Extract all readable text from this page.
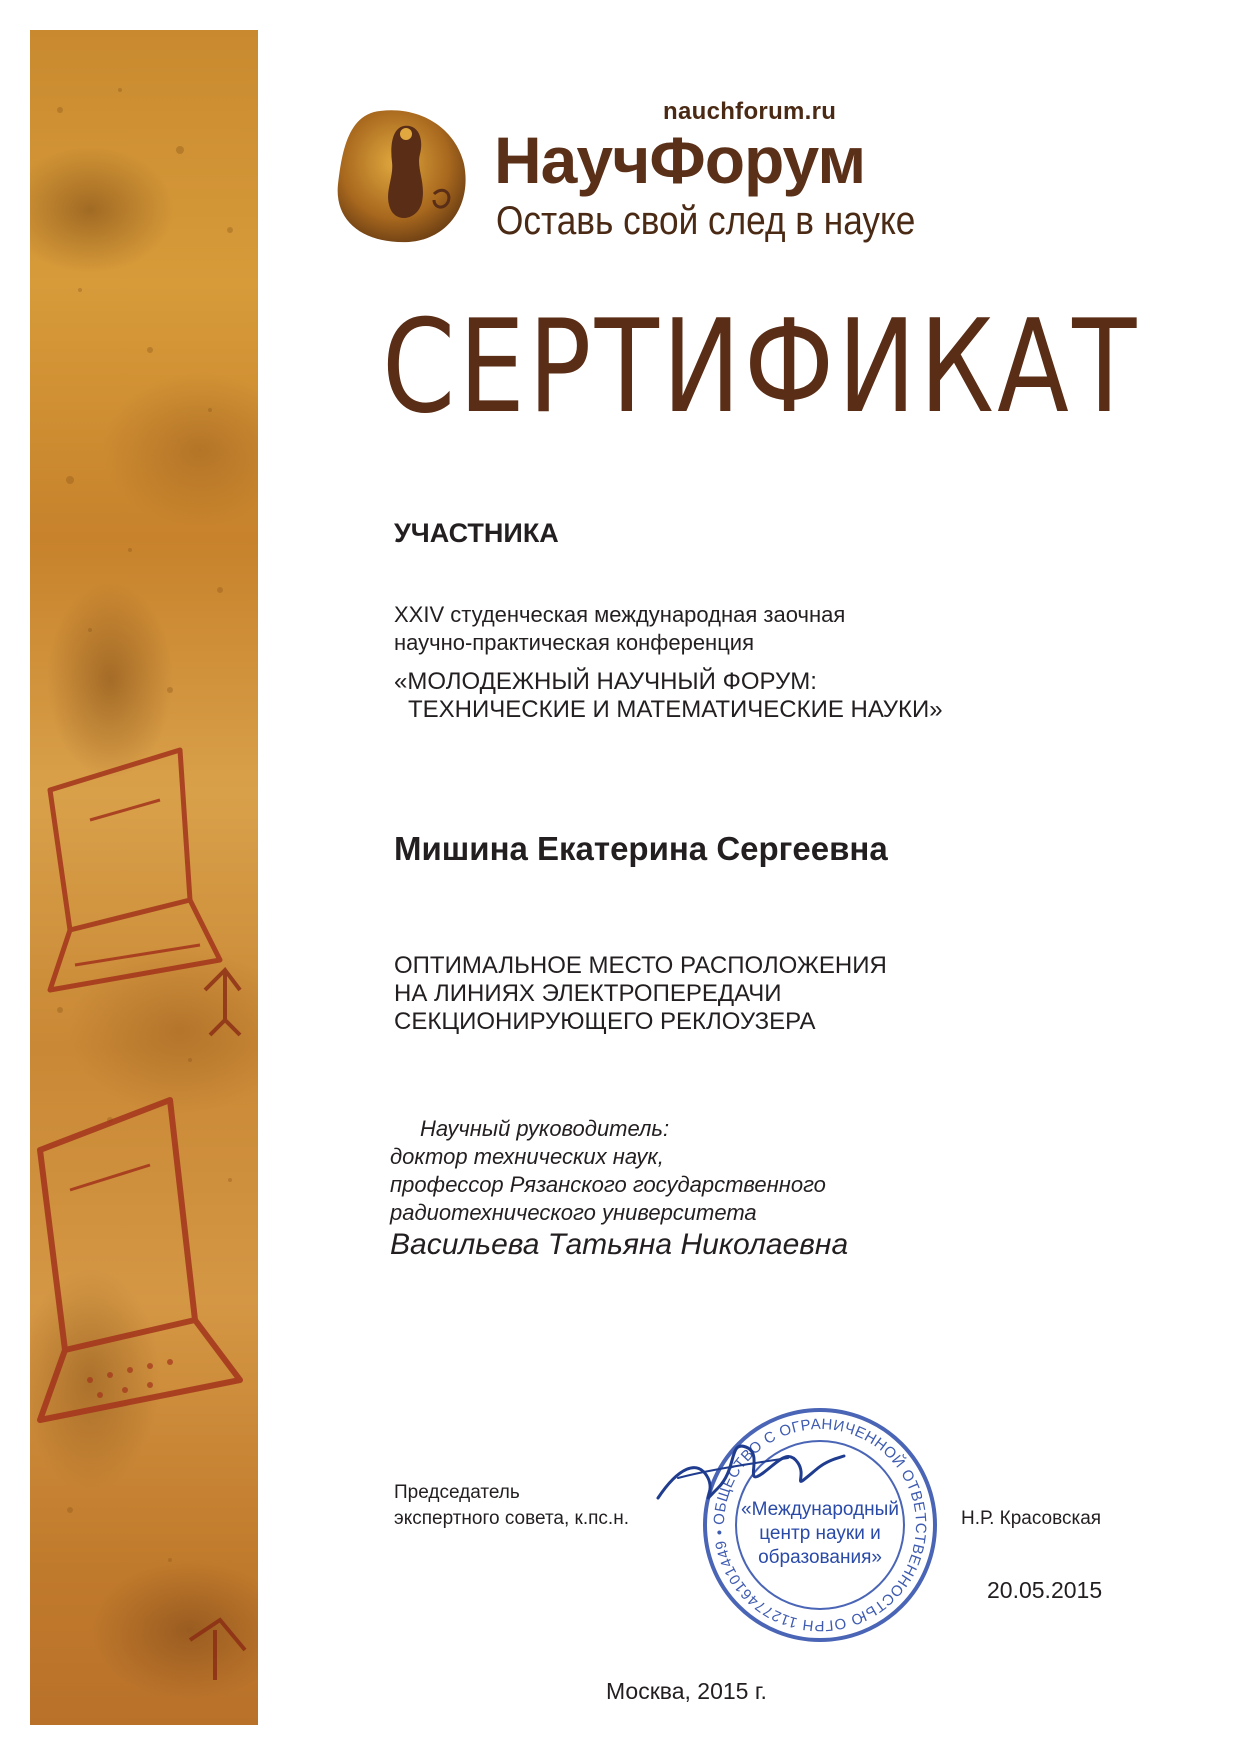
nauchforum.ru
НаучФорум
Оставь свой след в науке
СЕРТИФИКАТ
УЧАСТНИКА
XXIV студенческая международная заочная
научно-практическая конференция
«МОЛОДЕЖНЫЙ НАУЧНЫЙ ФОРУМ:
ТЕХНИЧЕСКИЕ И МАТЕМАТИЧЕСКИЕ НАУКИ»
Мишина Екатерина Сергеевна
ОПТИМАЛЬНОЕ МЕСТО РАСПОЛОЖЕНИЯ
НА ЛИНИЯХ ЭЛЕКТРОПЕРЕДАЧИ
СЕКЦИОНИРУЮЩЕГО РЕКЛОУЗЕРА
Научный руководитель:
доктор технических наук,
профессор Рязанского государственного
радиотехнического университета
Васильева Татьяна Николаевна
Председатель
экспертного совета, к.пс.н.	Н.Р. Красовская
ОБЩЕСТВО С ОГРАНИЧЕННОЙ ОТВЕТСТВЕННОСТЬЮ ОГРН 1127746101449 •
«Международный
центр науки и
образования»
20.05.2015
Москва, 2015 г.
